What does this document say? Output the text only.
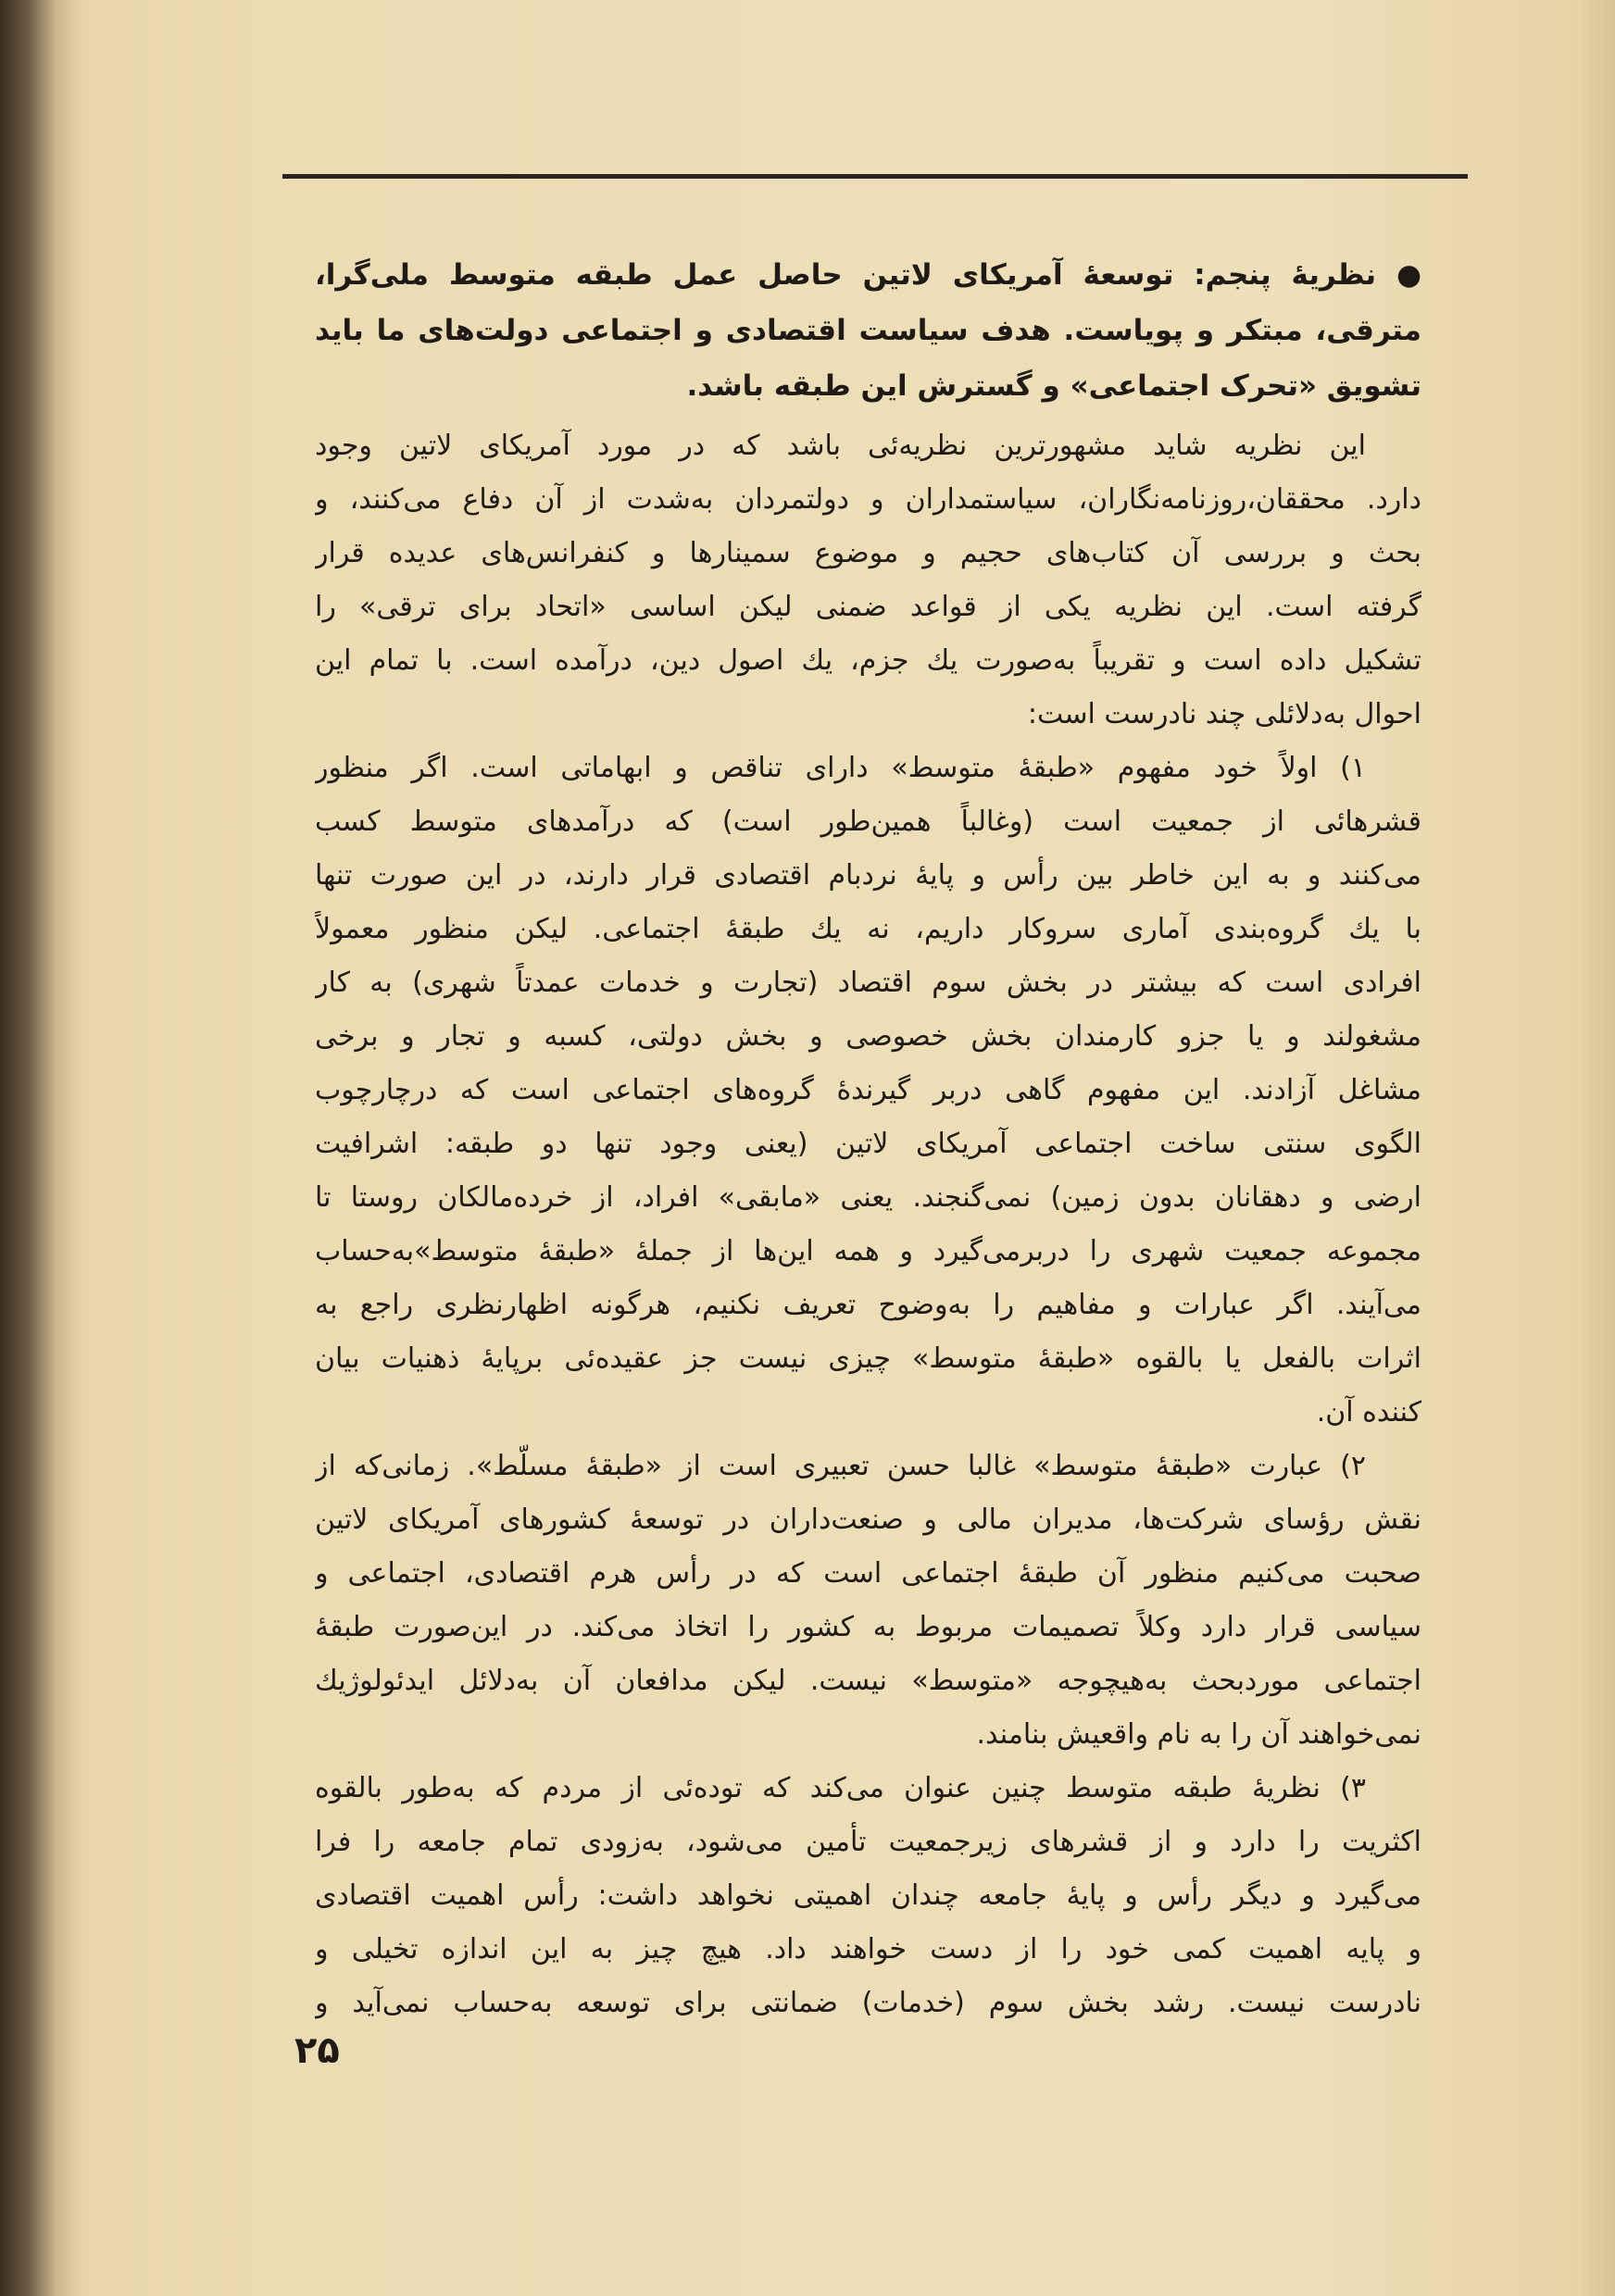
● نظریهٔ پنجم: توسعهٔ آمریکای لاتین حاصل عمل طبقه متوسط ملی‌گرا،
مترقی، مبتکر و پویاست. هدف سیاست اقتصادی و اجتماعی دولت‌های ما باید
تشویق «تحرک اجتماعی» و گسترش این طبقه باشد.
این نظریه شاید مشهورترین نظریه‌ئی باشد که در مورد آمریکای لاتین وجود
دارد. محققان،روزنامه‌نگاران، سیاستمداران و دولتمردان به‌شدت از آن دفاع می‌کنند، و
بحث و بررسی آن کتاب‌های حجیم و موضوع سمینارها و کنفرانس‌های عدیده قرار
گرفته است. این نظریه یکی از قواعد ضمنی لیکن اساسی «اتحاد برای ترقی» را
تشکیل داده است و تقریباً به‌صورت یك جزم، یك اصول دین، درآمده است. با تمام این
احوال به‌دلائلی چند نادرست است:
۱) اولاً خود مفهوم «طبقهٔ متوسط» دارای تناقص و ابهاماتی است. اگر منظور
قشرهائی از جمعیت است (وغالباً همین‌طور است) که درآمدهای متوسط کسب
می‌کنند و به این خاطر بین رأس و پایهٔ نردبام اقتصادی قرار دارند، در این صورت تنها
با یك گروه‌بندی آماری سروکار داریم، نه یك طبقهٔ اجتماعی. لیکن منظور معمولاً
افرادی است که بیشتر در بخش سوم اقتصاد (تجارت و خدمات عمدتاً شهری) به کار
مشغولند و یا جزو کارمندان بخش خصوصی و بخش دولتی، کسبه و تجار و برخی
مشاغل آزادند. این مفهوم گاهی دربر گیرندهٔ گروه‌های اجتماعی است که درچارچوب
الگوی سنتی ساخت اجتماعی آمریکای لاتین (یعنی وجود تنها دو طبقه: اشرافیت
ارضی و دهقانان بدون زمین) نمی‌گنجند. یعنی «مابقی» افراد، از خرده‌مالکان روستا تا
مجموعه جمعیت شهری را دربرمی‌گیرد و همه این‌ها از جملهٔ «طبقهٔ متوسط»به‌حساب
می‌آیند. اگر عبارات و مفاهیم را به‌وضوح تعریف نکنیم، هرگونه اظهارنظری راجع به
اثرات بالفعل یا بالقوه «طبقهٔ متوسط» چیزی نیست جز عقیده‌ئی برپایهٔ ذهنیات بیان
کننده آن.
۲) عبارت «طبقهٔ متوسط» غالبا حسن تعبیری است از «طبقهٔ مسلّط». زمانی‌که از
نقش رؤسای شرکت‌ها، مدیران مالی و صنعت‌داران در توسعهٔ کشورهای آمریکای لاتین
صحبت می‌کنیم منظور آن طبقهٔ اجتماعی است که در رأس هرم اقتصادی، اجتماعی و
سیاسی قرار دارد وکلاً تصمیمات مربوط به کشور را اتخاذ می‌کند. در این‌صورت طبقهٔ
اجتماعی موردبحث به‌هیچوجه «متوسط» نیست. لیکن مدافعان آن به‌دلائل ایدئولوژیك
نمی‌خواهند آن را به نام واقعیش بنامند.
۳) نظریهٔ طبقه متوسط چنین عنوان می‌کند که توده‌ئی از مردم که به‌طور بالقوه
اکثریت را دارد و از قشرهای زیرجمعیت تأمین می‌شود، به‌زودی تمام جامعه را فرا
می‌گیرد و دیگر رأس و پایهٔ جامعه چندان اهمیتی نخواهد داشت: رأس اهمیت اقتصادی
و پایه اهمیت کمی خود را از دست خواهند داد. هیچ چیز به این اندازه تخیلی و
نادرست نیست. رشد بخش سوم (خدمات) ضمانتی برای توسعه به‌حساب نمی‌آید و
۲۵
